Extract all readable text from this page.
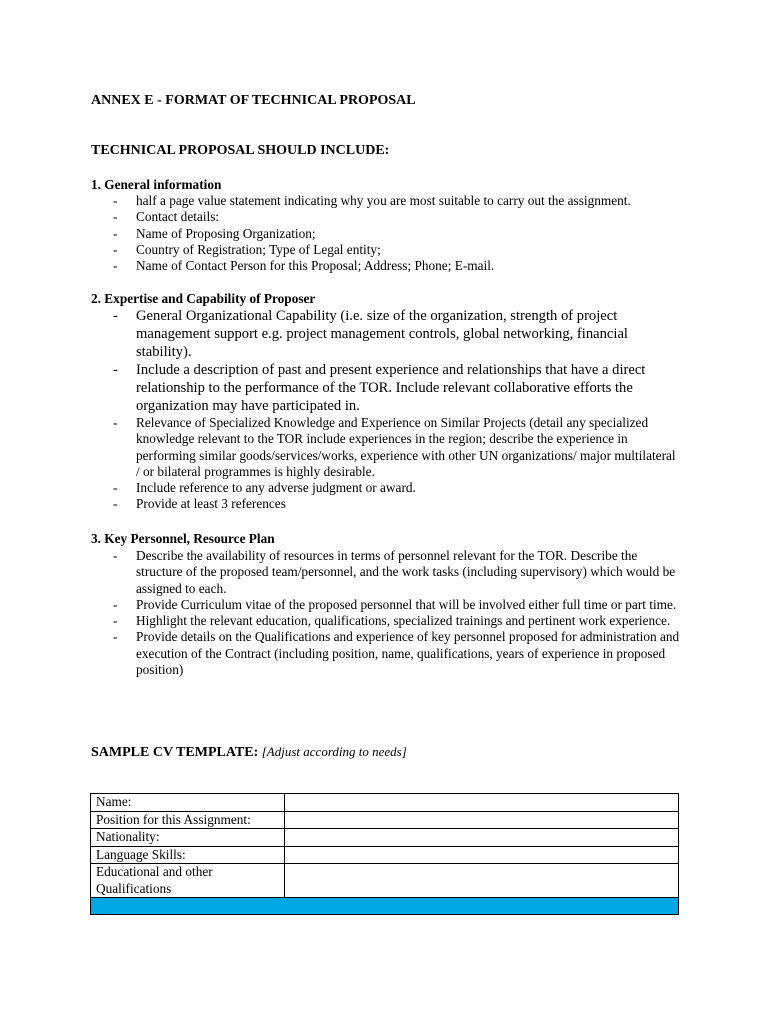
ANNEX E - FORMAT OF TECHNICAL PROPOSAL
TECHNICAL PROPOSAL SHOULD INCLUDE:
1. General information
- half a page value statement indicating why you are most suitable to carry out the assignment.
- Contact details:
- Name of Proposing Organization;
- Country of Registration; Type of Legal entity;
- Name of Contact Person for this Proposal; Address; Phone; E-mail.
2. Expertise and Capability of Proposer
- General Organizational Capability (i.e. size of the organization, strength of project management support e.g. project management controls, global networking, financial stability).
- Include a description of past and present experience and relationships that have a direct relationship to the performance of the TOR. Include relevant collaborative efforts the organization may have participated in.
- Relevance of Specialized Knowledge and Experience on Similar Projects (detail any specialized knowledge relevant to the TOR include experiences in the region; describe the experience in performing similar goods/services/works, experience with other UN organizations/ major multilateral / or bilateral programmes is highly desirable.
- Include reference to any adverse judgment or award.
- Provide at least 3 references
3. Key Personnel, Resource Plan
- Describe the availability of resources in terms of personnel relevant for the TOR. Describe the structure of the proposed team/personnel, and the work tasks (including supervisory) which would be assigned to each.
- Provide Curriculum vitae of the proposed personnel that will be involved either full time or part time.
- Highlight the relevant education, qualifications, specialized trainings and pertinent work experience.
- Provide details on the Qualifications and experience of key personnel proposed for administration and execution of the Contract (including position, name, qualifications, years of experience in proposed position)
SAMPLE CV TEMPLATE: [Adjust according to needs]
Name:	
Position for this Assignment:	
Nationality:	
Language Skills:	
Educational and other Qualifications	
